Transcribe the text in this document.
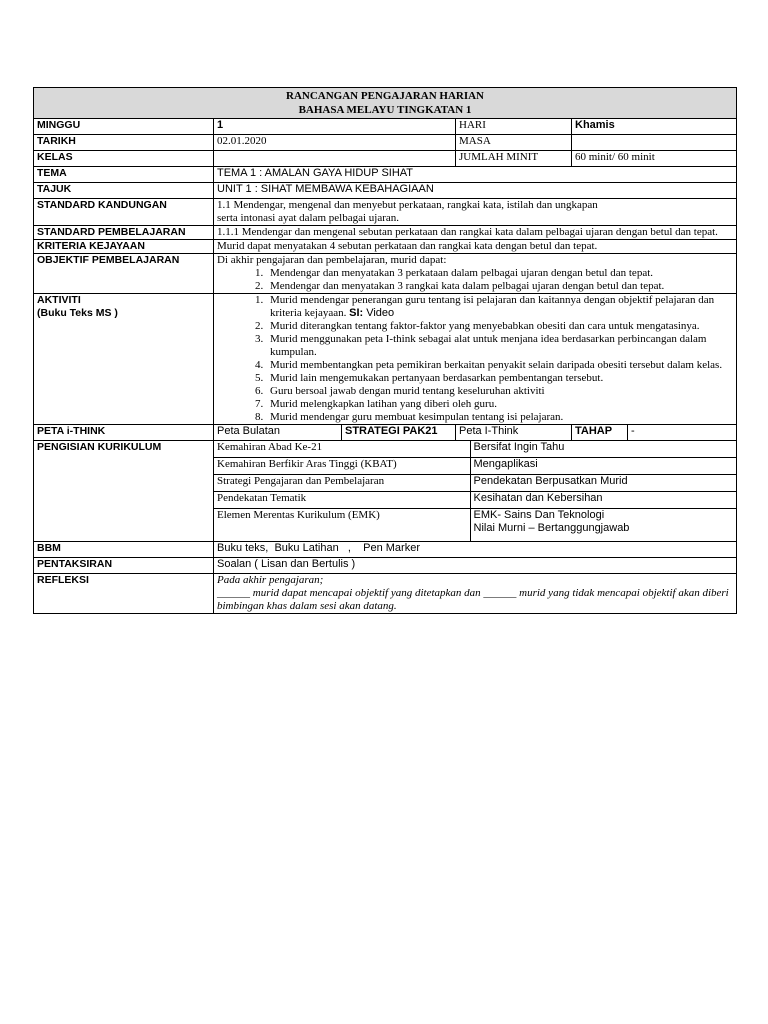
RANCANGAN PENGAJARAN HARIAN
BAHASA MELAYU TINGKATAN 1

MINGGU	1	HARI	Khamis
TARIKH	02.01.2020	MASA	
KELAS		JUMLAH MINIT	60 minit/ 60 minit
TEMA	TEMA 1 : AMALAN GAYA HIDUP SIHAT
TAJUK	UNIT 1 : SIHAT MEMBAWA KEBAHAGIAAN
STANDARD KANDUNGAN	1.1 Mendengar, mengenal dan menyebut perkataan, rangkai kata, istilah dan ungkapan
serta intonasi ayat dalam pelbagai ujaran.

STANDARD PEMBELAJARAN	1.1.1 Mendengar dan mengenal sebutan perkataan dan rangkai kata dalam pelbagai ujaran dengan betul dan tepat.
KRITERIA KEJAYAAN	Murid dapat menyatakan 4 sebutan perkataan dan rangkai kata dengan betul dan tepat.
OBJEKTIF PEMBELAJARAN	Di akhir pengajaran dan pembelajaran, murid dapat:
1. Mendengar dan menyatakan 3 perkataan dalam pelbagai ujaran dengan betul dan tepat.
2. Mendengar dan menyatakan 3 rangkai kata dalam pelbagai ujaran dengan betul dan tepat.

AKTIVITI
(Buku Teks MS )

1. Murid mendengar penerangan guru tentang isi pelajaran dan kaitannya dengan objektif pelajaran dan kriteria kejayaan. SI: Video
2. Murid diterangkan tentang faktor-faktor yang menyebabkan obesiti dan cara untuk mengatasinya.
3. Murid menggunakan peta I-think sebagai alat untuk menjana idea berdasarkan perbincangan dalam kumpulan.
4. Murid membentangkan peta pemikiran berkaitan penyakit selain daripada obesiti tersebut dalam kelas.
5. Murid lain mengemukakan pertanyaan berdasarkan pembentangan tersebut.
6. Guru bersoal jawab dengan murid tentang keseluruhan aktiviti
7. Murid melengkapkan latihan yang diberi oleh guru.
8. Murid mendengar guru membuat kesimpulan tentang isi pelajaran.

PETA i-THINK	Peta Bulatan	STRATEGI PAK21	Peta I-Think	TAHAP	-
PENGISIAN KURIKULUM		Kemahiran Abad Ke-21	Bersifat Ingin Tahu
Kemahiran Berfikir Aras Tinggi (KBAT)	Mengaplikasi
Strategi Pengajaran dan Pembelajaran	Pendekatan Berpusatkan Murid
Pendekatan Tematik	Kesihatan dan Kebersihan
Elemen Merentas Kurikulum (EMK)	EMK- Sains Dan Teknologi
Nilai Murni – Bertanggungjawab

BBM	Buku teks,  Buku Latihan   ,    Pen Marker
PENTAKSIRAN	Soalan ( Lisan dan Bertulis )
REFLEKSI	Pada akhir pengajaran;
______ murid dapat mencapai objektif yang ditetapkan dan ______ murid yang tidak mencapai objektif akan diberi bimbingan khas dalam sesi akan datang.
